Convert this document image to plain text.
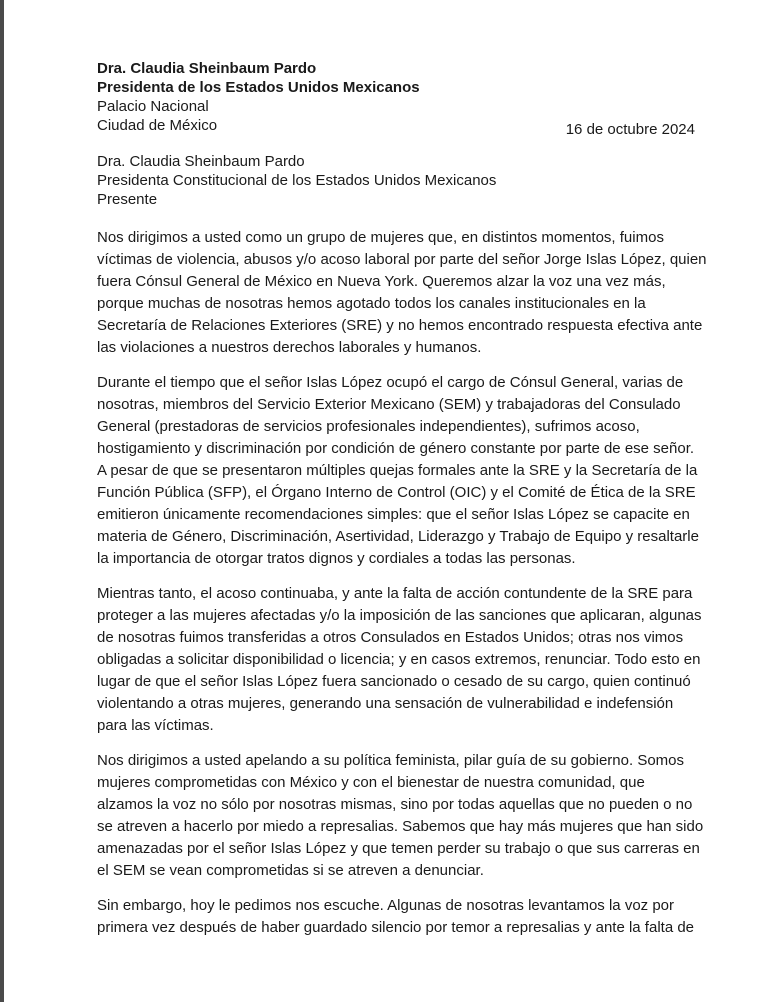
Dra. Claudia Sheinbaum Pardo
Presidenta de los Estados Unidos Mexicanos
Palacio Nacional
Ciudad de México	16 de octubre 2024
Dra. Claudia Sheinbaum Pardo
Presidenta Constitucional de los Estados Unidos Mexicanos
Presente

Nos dirigimos a usted como un grupo de mujeres que, en distintos momentos, fuimos
víctimas de violencia, abusos y/o acoso laboral por parte del señor Jorge Islas López, quien
fuera Cónsul General de México en Nueva York. Queremos alzar la voz una vez más,
porque muchas de nosotras hemos agotado todos los canales institucionales en la
Secretaría de Relaciones Exteriores (SRE) y no hemos encontrado respuesta efectiva ante
las violaciones a nuestros derechos laborales y humanos.

Durante el tiempo que el señor Islas López ocupó el cargo de Cónsul General, varias de
nosotras, miembros del Servicio Exterior Mexicano (SEM) y trabajadoras del Consulado
General (prestadoras de servicios profesionales independientes), sufrimos acoso,
hostigamiento y discriminación por condición de género constante por parte de ese señor.
A pesar de que se presentaron múltiples quejas formales ante la SRE y la Secretaría de la
Función Pública (SFP), el Órgano Interno de Control (OIC) y el Comité de Ética de la SRE
emitieron únicamente recomendaciones simples: que el señor Islas López se capacite en
materia de Género, Discriminación, Asertividad, Liderazgo y Trabajo de Equipo y resaltarle
la importancia de otorgar tratos dignos y cordiales a todas las personas.

Mientras tanto, el acoso continuaba, y ante la falta de acción contundente de la SRE para
proteger a las mujeres afectadas y/o la imposición de las sanciones que aplicaran, algunas
de nosotras fuimos transferidas a otros Consulados en Estados Unidos; otras nos vimos
obligadas a solicitar disponibilidad o licencia; y en casos extremos, renunciar. Todo esto en
lugar de que el señor Islas López fuera sancionado o cesado de su cargo, quien continuó
violentando a otras mujeres, generando una sensación de vulnerabilidad e indefensión
para las víctimas.

Nos dirigimos a usted apelando a su política feminista, pilar guía de su gobierno. Somos
mujeres comprometidas con México y con el bienestar de nuestra comunidad, que
alzamos la voz no sólo por nosotras mismas, sino por todas aquellas que no pueden o no
se atreven a hacerlo por miedo a represalias. Sabemos que hay más mujeres que han sido
amenazadas por el señor Islas López y que temen perder su trabajo o que sus carreras en
el SEM se vean comprometidas si se atreven a denunciar.

Sin embargo, hoy le pedimos nos escuche. Algunas de nosotras levantamos la voz por
primera vez después de haber guardado silencio por temor a represalias y ante la falta de
